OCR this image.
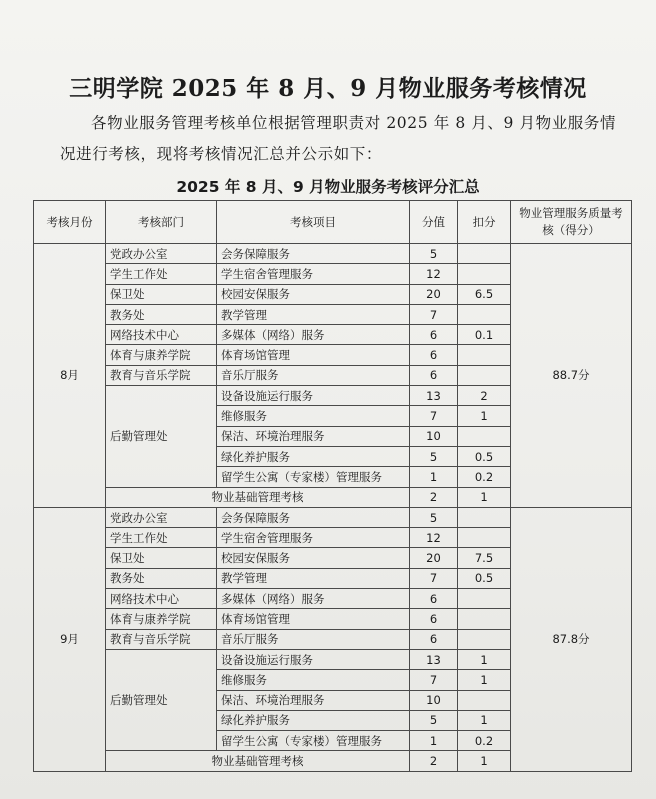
三明学院 2025 年 8 月、9 月物业服务考核情况
各物业服务管理考核单位根据管理职责对 2025 年 8 月、9 月物业服务情况进行考核，现将考核情况汇总并公示如下：
2025 年 8 月、9 月物业服务考核评分汇总
考核月份	考核部门	考核项目	分值	扣分	物业管理服务质量考核（得分）
8月	党政办公室	会务保障服务	5		88.7分
	学生工作处	学生宿舍管理服务	12		
	保卫处	校园安保服务	20	6.5	
	教务处	教学管理	7		
	网络技术中心	多媒体（网络）服务	6	0.1	
	体育与康养学院	体育场馆管理	6		
	教育与音乐学院	音乐厅服务	6		
	后勤管理处	设备设施运行服务	13	2	
		维修服务	7	1	
		保洁、环境治理服务	10		
		绿化养护服务	5	0.5	
		留学生公寓（专家楼）管理服务	1	0.2	
	物业基础管理考核		2	1	
9月	党政办公室	会务保障服务	5		87.8分
	学生工作处	学生宿舍管理服务	12		
	保卫处	校园安保服务	20	7.5	
	教务处	教学管理	7	0.5	
	网络技术中心	多媒体（网络）服务	6		
	体育与康养学院	体育场馆管理	6		
	教育与音乐学院	音乐厅服务	6		
	后勤管理处	设备设施运行服务	13	1	
		维修服务	7	1	
		保洁、环境治理服务	10		
		绿化养护服务	5	1	
		留学生公寓（专家楼）管理服务	1	0.2	
	物业基础管理考核		2	1	
